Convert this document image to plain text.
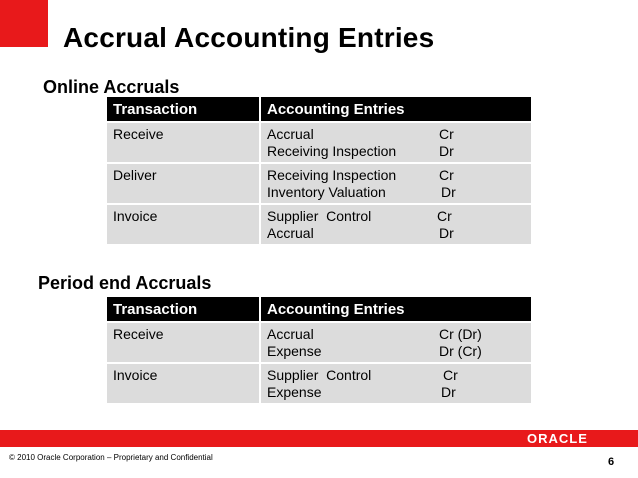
Accrual Accounting Entries
Online Accruals
Transaction	Accounting Entries
Receive	Accrual Cr
Receiving Inspection Dr

Deliver	Receiving Inspection Cr
Inventory Valuation Dr

Invoice	Supplier  Control Cr
Accrual Dr
Period end Accruals
Transaction	Accounting Entries
Receive	Accrual Cr (Dr)
Expense Dr (Cr)

Invoice	Supplier  Control Cr
Expense Dr
ORACLE
© 2010 Oracle Corporation – Proprietary and Confidential	6
